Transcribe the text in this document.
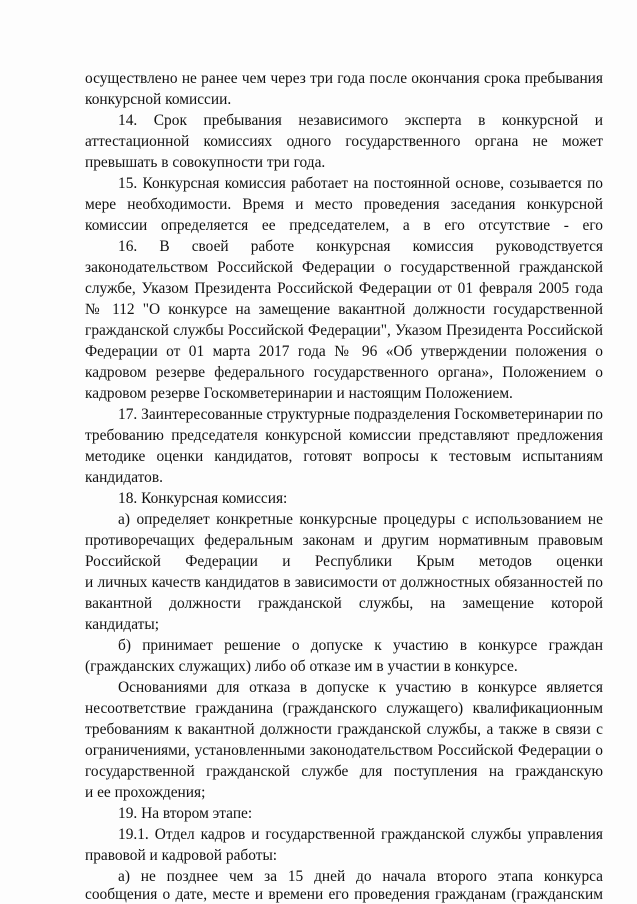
осуществлено не ранее чем через три года после окончания срока пребывания
конкурсной комиссии.
14. Срок пребывания независимого эксперта в конкурсной и
аттестационной комиссиях одного государственного органа не может
превышать в совокупности три года.
15. Конкурсная комиссия работает на постоянной основе, созывается по
мере необходимости. Время и место проведения заседания конкурсной
комиссии определяется ее председателем, а в его отсутствие - его
16. В своей работе конкурсная комиссия руководствуется
законодательством Российской Федерации о государственной гражданской
службе, Указом Президента Российской Федерации от 01 февраля 2005 года
№ 112 "О конкурсе на замещение вакантной должности государственной
гражданской службы Российской Федерации", Указом Президента Российской
Федерации от 01 марта 2017 года № 96 «Об утверждении положения о
кадровом резерве федерального государственного органа», Положением о
кадровом резерве Госкомветеринарии и настоящим Положением.
17. Заинтересованные структурные подразделения Госкомветеринарии по
требованию председателя конкурсной комиссии представляют предложения
методике оценки кандидатов, готовят вопросы к тестовым испытаниям
кандидатов.
18. Конкурсная комиссия:
а) определяет конкретные конкурсные процедуры с использованием не
противоречащих федеральным законам и другим нормативным правовым
Российской Федерации и Республики Крым методов оценки
и личных качеств кандидатов в зависимости от должностных обязанностей по
вакантной должности гражданской службы, на замещение которой
кандидаты;
б) принимает решение о допуске к участию в конкурсе граждан
(гражданских служащих) либо об отказе им в участии в конкурсе.
Основаниями для отказа в допуске к участию в конкурсе является
несоответствие гражданина (гражданского служащего) квалификационным
требованиям к вакантной должности гражданской службы, а также в связи с
ограничениями, установленными законодательством Российской Федерации о
государственной гражданской службе для поступления на гражданскую
и ее прохождения;
19. На втором этапе:
19.1. Отдел кадров и государственной гражданской службы управления
правовой и кадровой работы:
а) не позднее чем за 15 дней до начала второго этапа конкурса
сообщения о дате, месте и времени его проведения гражданам (гражданским
